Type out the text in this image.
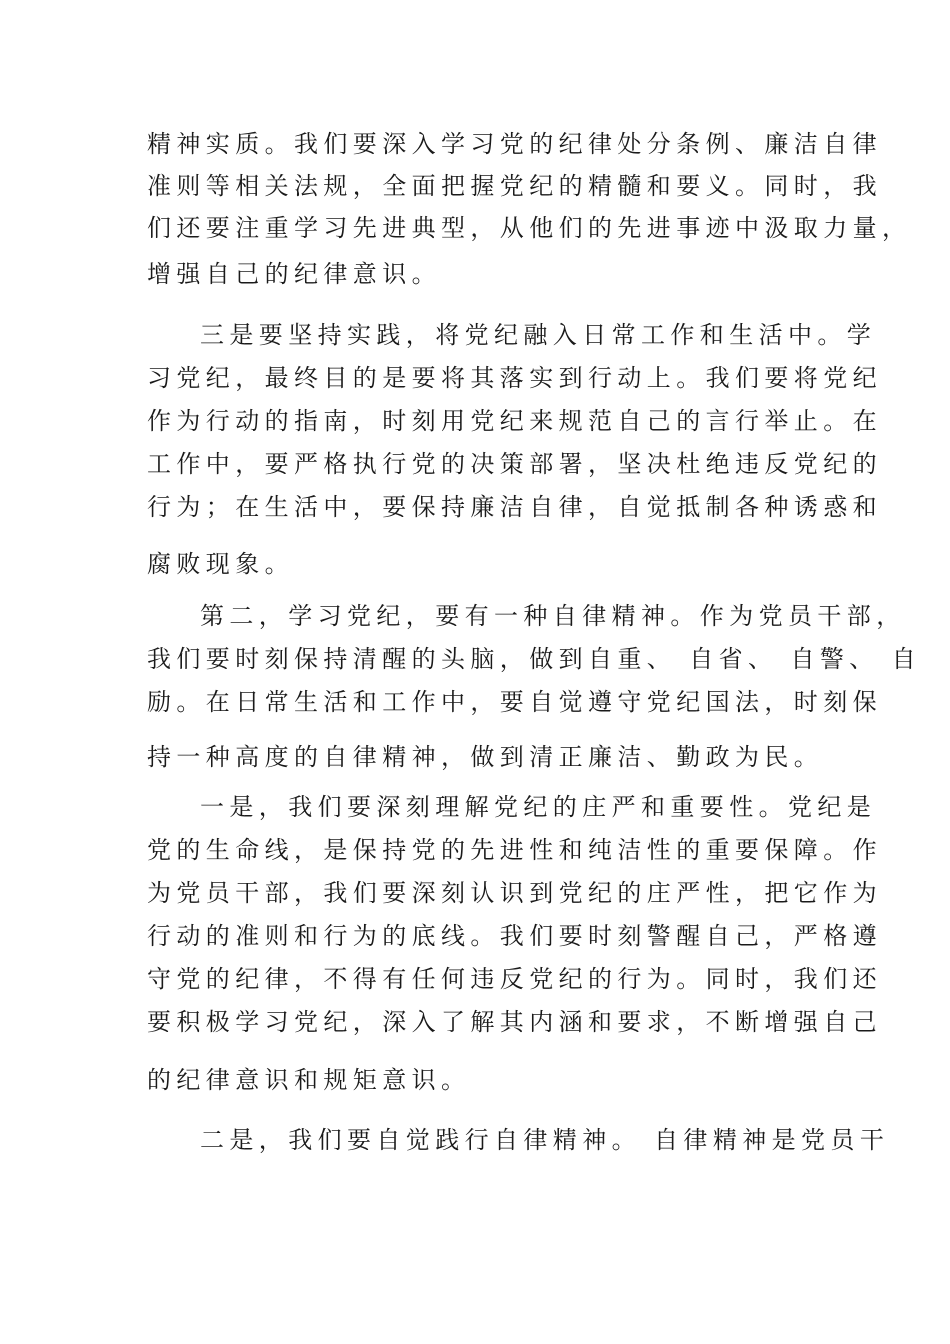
精神实质。我们要深入学习党的纪律处分条例、廉洁自律
准则等相关法规，全面把握党纪的精髓和要义。同时，我
们还要注重学习先进典型，从他们的先进事迹中汲取力量，
增强自己的纪律意识。
三是要坚持实践，将党纪融入日常工作和生活中。学
习党纪，最终目的是要将其落实到行动上。我们要将党纪
作为行动的指南，时刻用党纪来规范自己的言行举止。在
工作中，要严格执行党的决策部署，坚决杜绝违反党纪的
行为；在生活中，要保持廉洁自律，自觉抵制各种诱惑和
腐败现象。
第二，学习党纪，要有一种自律精神。作为党员干部，
我们要时刻保持清醒的头脑，做到自重、 自省、 自警、 自
励。在日常生活和工作中，要自觉遵守党纪国法，时刻保
持一种高度的自律精神，做到清正廉洁、勤政为民。
一是，我们要深刻理解党纪的庄严和重要性。党纪是
党的生命线，是保持党的先进性和纯洁性的重要保障。作
为党员干部，我们要深刻认识到党纪的庄严性，把它作为
行动的准则和行为的底线。我们要时刻警醒自己，严格遵
守党的纪律，不得有任何违反党纪的行为。同时，我们还
要积极学习党纪，深入了解其内涵和要求，不断增强自己
的纪律意识和规矩意识。
二是，我们要自觉践行自律精神。 自律精神是党员干
